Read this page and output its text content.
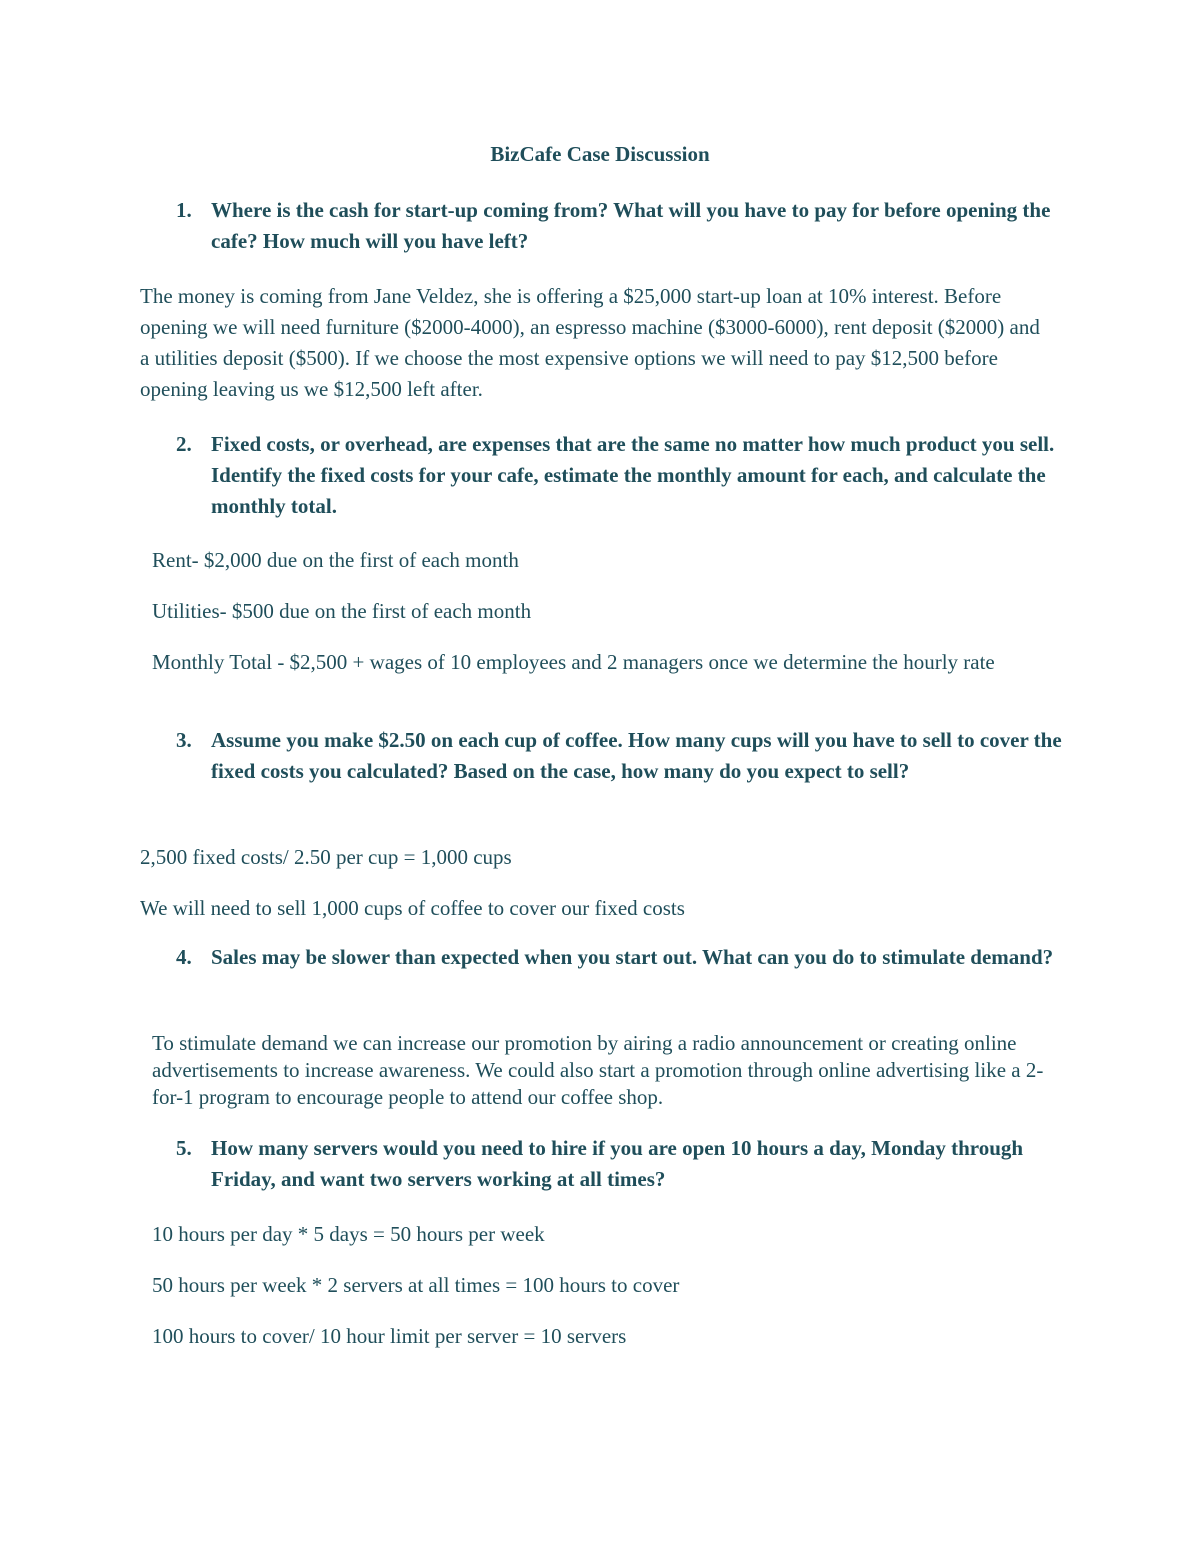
BizCafe Case Discussion
1. Where is the cash for start-up coming from? What will you have to pay for before opening the cafe? How much will you have left?
The money is coming from Jane Veldez, she is offering a $25,000 start-up loan at 10% interest. Before opening we will need furniture ($2000-4000), an espresso machine ($3000-6000), rent deposit ($2000) and a utilities deposit ($500). If we choose the most expensive options we will need to pay $12,500 before opening leaving us we $12,500 left after.
2. Fixed costs, or overhead, are expenses that are the same no matter how much product you sell. Identify the fixed costs for your cafe, estimate the monthly amount for each, and calculate the monthly total.
Rent- $2,000 due on the first of each month
Utilities- $500 due on the first of each month
Monthly Total - $2,500 + wages of 10 employees and 2 managers once we determine the hourly rate
3. Assume you make $2.50 on each cup of coffee. How many cups will you have to sell to cover the fixed costs you calculated? Based on the case, how many do you expect to sell?
2,500 fixed costs/ 2.50 per cup = 1,000 cups
We will need to sell 1,000 cups of coffee to cover our fixed costs
4. Sales may be slower than expected when you start out. What can you do to stimulate demand?
To stimulate demand we can increase our promotion by airing a radio announcement or creating online advertisements to increase awareness. We could also start a promotion through online advertising like a 2-for-1 program to encourage people to attend our coffee shop.
5. How many servers would you need to hire if you are open 10 hours a day, Monday through Friday, and want two servers working at all times?
10 hours per day * 5 days = 50 hours per week
50 hours per week * 2 servers at all times = 100 hours to cover
100 hours to cover/ 10 hour limit per server = 10 servers
